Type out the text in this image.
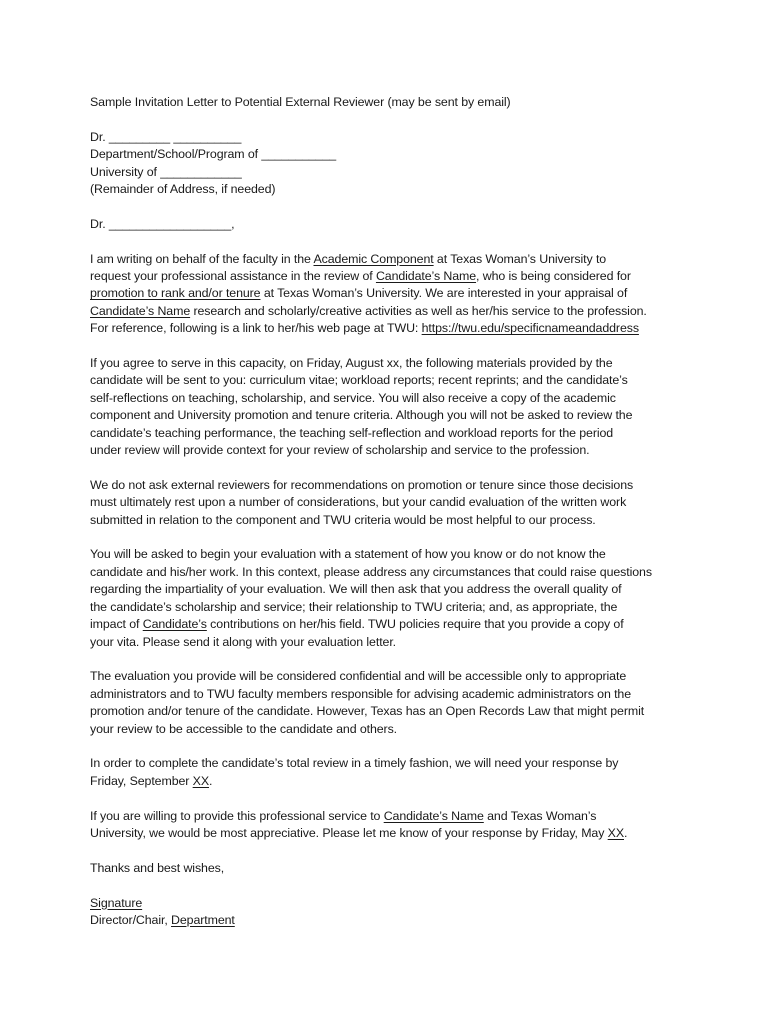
Sample Invitation Letter to Potential External Reviewer (may be sent by email)
Dr. _________ __________
Department/School/Program of ___________
University of ____________
(Remainder of Address, if needed)
Dr. __________________,
I am writing on behalf of the faculty in the Academic Component at Texas Woman’s University to
request your professional assistance in the review of Candidate’s Name, who is being considered for
promotion to rank and/or tenure at Texas Woman’s University. We are interested in your appraisal of
Candidate’s Name research and scholarly/creative activities as well as her/his service to the profession.
For reference, following is a link to her/his web page at TWU: https://twu.edu/specificnameandaddress
If you agree to serve in this capacity, on Friday, August xx, the following materials provided by the
candidate will be sent to you: curriculum vitae; workload reports; recent reprints; and the candidate’s
self-reflections on teaching, scholarship, and service. You will also receive a copy of the academic
component and University promotion and tenure criteria. Although you will not be asked to review the
candidate’s teaching performance, the teaching self-reflection and workload reports for the period
under review will provide context for your review of scholarship and service to the profession.
We do not ask external reviewers for recommendations on promotion or tenure since those decisions
must ultimately rest upon a number of considerations, but your candid evaluation of the written work
submitted in relation to the component and TWU criteria would be most helpful to our process.
You will be asked to begin your evaluation with a statement of how you know or do not know the
candidate and his/her work. In this context, please address any circumstances that could raise questions
regarding the impartiality of your evaluation. We will then ask that you address the overall quality of
the candidate’s scholarship and service; their relationship to TWU criteria; and, as appropriate, the
impact of Candidate’s contributions on her/his field. TWU policies require that you provide a copy of
your vita. Please send it along with your evaluation letter.
The evaluation you provide will be considered confidential and will be accessible only to appropriate
administrators and to TWU faculty members responsible for advising academic administrators on the
promotion and/or tenure of the candidate. However, Texas has an Open Records Law that might permit
your review to be accessible to the candidate and others.
In order to complete the candidate’s total review in a timely fashion, we will need your response by
Friday, September XX.
If you are willing to provide this professional service to Candidate’s Name and Texas Woman’s
University, we would be most appreciative. Please let me know of your response by Friday, May XX.
Thanks and best wishes,
Signature
Director/Chair, Department
